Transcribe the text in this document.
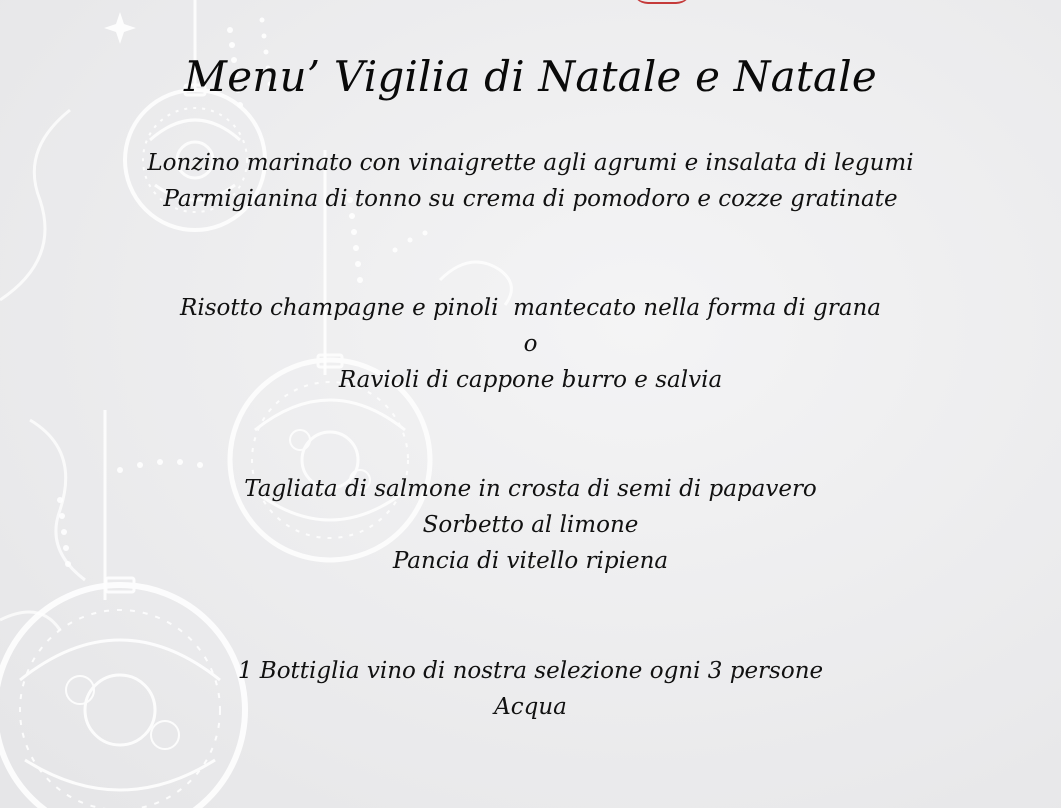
Menu’ Vigilia di Natale e Natale
Lonzino marinato con vinaigrette agli agrumi e insalata di legumi
Parmigianina di tonno su crema di pomodoro e cozze gratinate
Risotto champagne e pinoli  mantecato nella forma di grana
o
Ravioli di cappone burro e salvia
Tagliata di salmone in crosta di semi di papavero
Sorbetto al limone
Pancia di vitello ripiena
1 Bottiglia vino di nostra selezione ogni 3 persone
Acqua
